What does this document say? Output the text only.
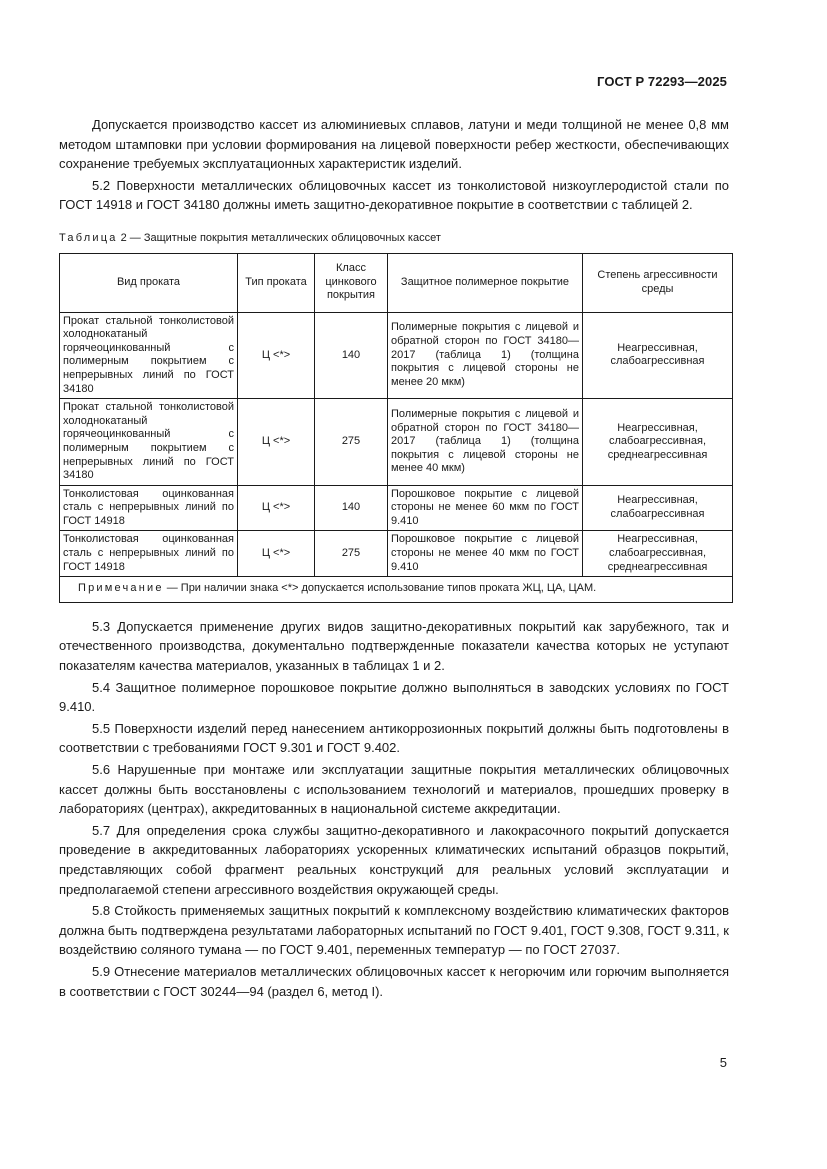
ГОСТ Р 72293—2025

Допускается производство кассет из алюминиевых сплавов, латуни и меди толщиной не менее 0,8 мм методом штамповки при условии формирования на лицевой поверхности ребер жесткости, обеспечивающих сохранение требуемых эксплуатационных характеристик изделий.

5.2 Поверхности металлических облицовочных кассет из тонколистовой низкоуглеродистой стали по ГОСТ 14918 и ГОСТ 34180 должны иметь защитно-декоративное покрытие в соответствии с таблицей 2.

Таблица 2 — Защитные покрытия металлических облицовочных кассет
Вид проката	Тип проката	Класс цинкового покрытия	Защитное полимерное покрытие	Степень агрессивности среды
Прокат стальной тонколистовой холоднокатаный горячеоцинкованный с полимерным покрытием с непрерывных линий по ГОСТ 34180	Ц <*>	140	Полимерные покрытия с лицевой и обратной сторон по ГОСТ 34180—2017 (таблица 1) (толщина покрытия с лицевой стороны не менее 20 мкм)	Неагрессивная, слабоагрессивная
Прокат стальной тонколистовой холоднокатаный горячеоцинкованный с полимерным покрытием с непрерывных линий по ГОСТ 34180	Ц <*>	275	Полимерные покрытия с лицевой и обратной сторон по ГОСТ 34180—2017 (таблица 1) (толщина покрытия с лицевой стороны не менее 40 мкм)	Неагрессивная, слабоагрессивная, среднеагрессивная
Тонколистовая оцинкованная сталь с непрерывных линий по ГОСТ 14918	Ц <*>	140	Порошковое покрытие с лицевой стороны не менее 60 мкм по ГОСТ 9.410	Неагрессивная, слабоагрессивная
Тонколистовая оцинкованная сталь с непрерывных линий по ГОСТ 14918	Ц <*>	275	Порошковое покрытие с лицевой стороны не менее 40 мкм по ГОСТ 9.410	Неагрессивная, слабоагрессивная, среднеагрессивная
Примечание — При наличии знака <*> допускается использование типов проката ЖЦ, ЦА, ЦАМ.				

5.3 Допускается применение других видов защитно-декоративных покрытий как зарубежного, так и отечественного производства, документально подтвержденные показатели качества которых не уступают показателям качества материалов, указанных в таблицах 1 и 2.

5.4 Защитное полимерное порошковое покрытие должно выполняться в заводских условиях по ГОСТ 9.410.

5.5 Поверхности изделий перед нанесением антикоррозионных покрытий должны быть подготовлены в соответствии с требованиями ГОСТ 9.301 и ГОСТ 9.402.

5.6 Нарушенные при монтаже или эксплуатации защитные покрытия металлических облицовочных кассет должны быть восстановлены с использованием технологий и материалов, прошедших проверку в лабораториях (центрах), аккредитованных в национальной системе аккредитации.

5.7 Для определения срока службы защитно-декоративного и лакокрасочного покрытий допускается проведение в аккредитованных лабораториях ускоренных климатических испытаний образцов покрытий, представляющих собой фрагмент реальных конструкций для реальных условий эксплуатации и предполагаемой степени агрессивного воздействия окружающей среды.

5.8 Стойкость применяемых защитных покрытий к комплексному воздействию климатических факторов должна быть подтверждена результатами лабораторных испытаний по ГОСТ 9.401, ГОСТ 9.308, ГОСТ 9.311, к воздействию соляного тумана — по ГОСТ 9.401, переменных температур — по ГОСТ 27037.

5.9 Отнесение материалов металлических облицовочных кассет к негорючим или горючим выполняется в соответствии с ГОСТ 30244—94 (раздел 6, метод I).

5
